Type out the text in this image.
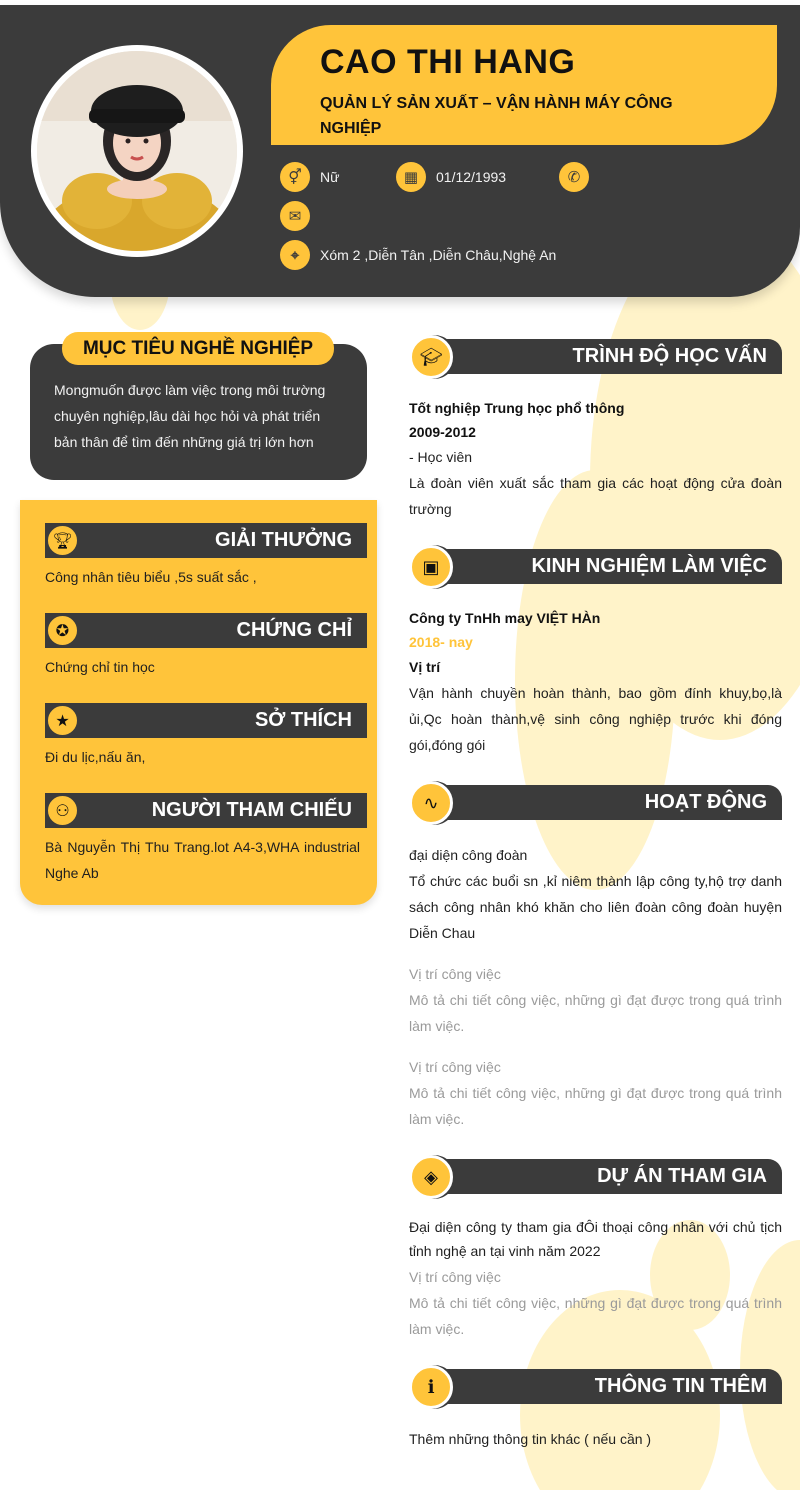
⚥	Nữ	▦	01/12/1993	✆
✉
⌖	Xóm 2 ,Diễn Tân ,Diễn Châu,Nghệ An
CAO THI HANG
QUẢN LÝ SẢN XUẤT – VẬN HÀNH MÁY CÔNG NGHIỆP
Mongmuốn được làm việc trong môi trường chuyên nghiệp,lâu dài học hỏi và phát triển bản thân để tìm đến những giá trị lớn hơn
MỤC TIÊU NGHỀ NGHIỆP
🏆︎	GIẢI THƯỞNG
Công nhân tiêu biểu ,5s suất sắc ,
✪	CHỨNG CHỈ
Chứng chỉ tin học
★	SỞ THÍCH
Đi du lịc,nấu ăn,
⚇	NGƯỜI THAM CHIẾU
Bà Nguyễn Thị Thu Trang.lot A4-3,WHA industrial Nghe Ab
TRÌNH ĐỘ HỌC VẤN
🎓︎
Tốt nghiệp Trung học phổ thông
2009-2012
- Học viên
Là đoàn viên xuất sắc tham gia các hoạt động cửa đoàn trường
KINH NGHIỆM LÀM VIỆC
▣
Công ty TnHh may VIỆT HÀn
2018- nay
Vị trí
Vận hành chuyền hoàn thành, bao gồm đính khuy,bọ,là ủi,Qc hoàn thành,vệ sinh công nghiệp trước khi đóng gói,đóng gói
HOẠT ĐỘNG
∿
đại diện công đoàn
Tổ chức các buổi sn ,kỉ niêm thành lập công ty,hộ trợ danh sách công nhân khó khăn cho liên đoàn công đoàn huyện Diễn Chau
Vị trí công việc
Mô tả chi tiết công việc, những gì đạt được trong quá trình làm việc.
Vị trí công việc
Mô tả chi tiết công việc, những gì đạt được trong quá trình làm việc.
DỰ ÁN THAM GIA
◈
Đại diện công ty tham gia đÔi thoại công nhân với chủ tịch tỉnh nghệ an tại vinh năm 2022
Vị trí công việc
Mô tả chi tiết công việc, những gì đạt được trong quá trình làm việc.
THÔNG TIN THÊM
ℹ
Thêm những thông tin khác ( nếu cần )
